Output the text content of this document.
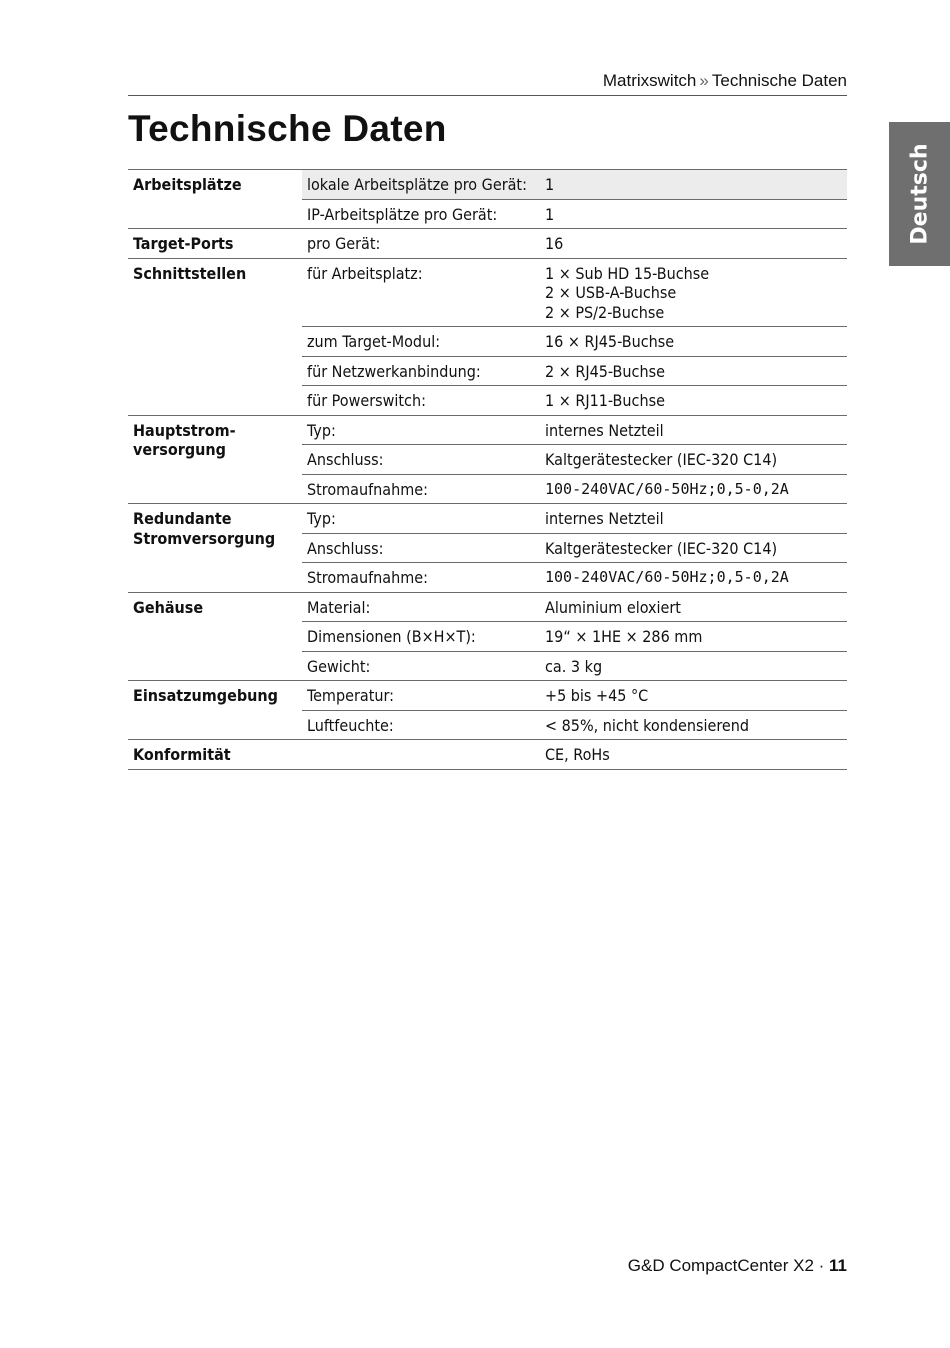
Matrixswitch » Technische Daten
Technische Daten
Deutsch
Arbeitsplätze	lokale Arbeitsplätze pro Gerät:	1
	IP-Arbeitsplätze pro Gerät:	1
Target-Ports	pro Gerät:	16
Schnittstellen	für Arbeitsplatz:	1 × Sub HD 15-Buchse
2 × USB-A-Buchse
2 × PS/2-Buchse

	zum Target-Modul:	16 × RJ45-Buchse
	für Netzwerkanbindung:	2 × RJ45-Buchse
	für Powerswitch:	1 × RJ11-Buchse

Hauptstrom-
versorgung	Typ:	internes Netzteil
	Anschluss:	Kaltgerätestecker (IEC-320 C14)
	Stromaufnahme:	100-240VAC/60-50Hz;0,5-0,2A

Redundante
Stromversorgung	Typ:	internes Netzteil
	Anschluss:	Kaltgerätestecker (IEC-320 C14)
	Stromaufnahme:	100-240VAC/60-50Hz;0,5-0,2A
Gehäuse	Material:	Aluminium eloxiert
	Dimensionen (B×H×T):	19“ × 1HE × 286 mm
	Gewicht:	ca. 3 kg
Einsatzumgebung	Temperatur:	+5 bis +45 °C
	Luftfeuchte:	< 85%, nicht kondensierend
Konformität		CE, RoHs
G&D CompactCenter X2 · 11
